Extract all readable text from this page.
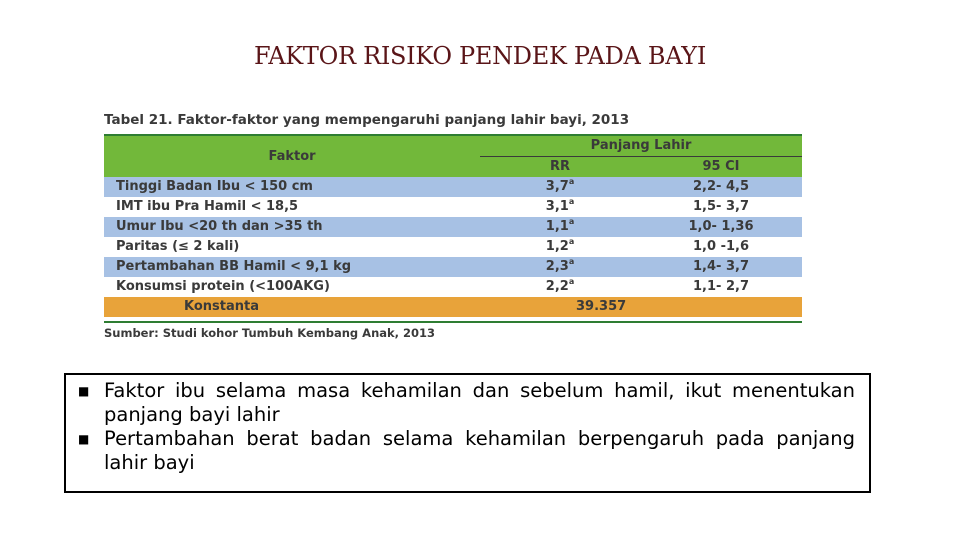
FAKTOR RISIKO PENDEK PADA BAYI
Tabel 21. Faktor-faktor yang mempengaruhi panjang lahir bayi, 2013
Faktor	Panjang Lahir	
	RR	95 CI
Tinggi Badan Ibu < 150 cm	3,7$^a$	2,2- 4,5
IMT ibu Pra Hamil < 18,5	3,1$^a$	1,5- 3,7
Umur Ibu <20 th dan >35 th	1,1$^a$	1,0- 1,36
Paritas (≤ 2 kali)	1,2$^a$	1,0 -1,6
Pertambahan BB Hamil < 9,1 kg	2,3$^a$	1,4- 3,7
Konsumsi protein (<100AKG)	2,2$^a$	1,1- 2,7
Konstanta	39.357	
Sumber: Studi kohor Tumbuh Kembang Anak, 2013
■ Faktor ibu selama masa kehamilan dan sebelum hamil, ikut menentukan panjang bayi lahir
■ Pertambahan berat badan selama kehamilan berpengaruh pada panjang lahir bayi
